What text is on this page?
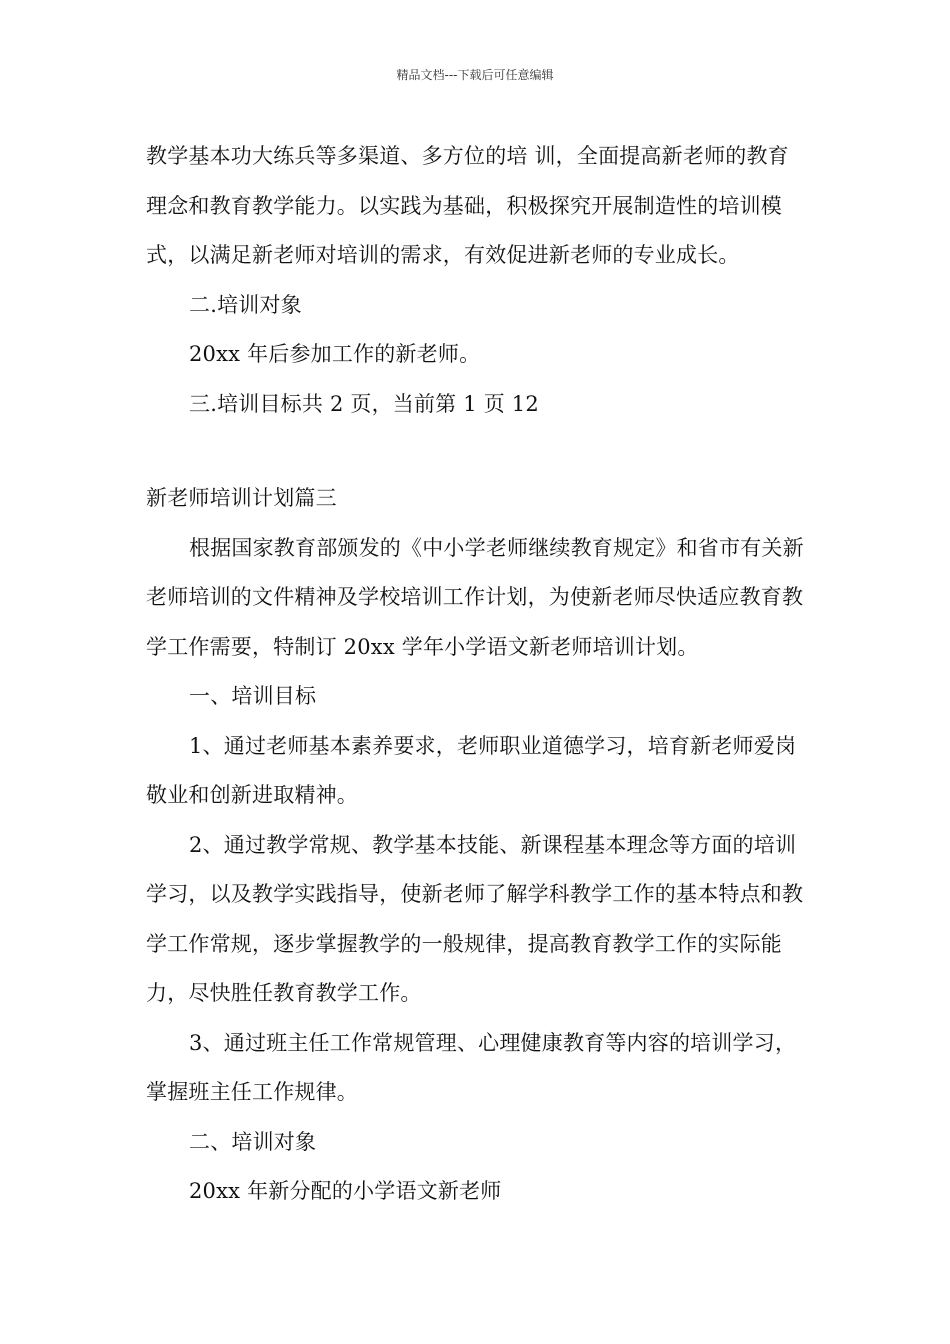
精品文档---下载后可任意编辑

教学基本功大练兵等多渠道、多方位的培 训，全面提高新老师的教育理念和教育教学能力。以实践为基础，积极探究开展制造性的培训模式，以满足新老师对培训的需求，有效促进新老师的专业成长。

二.培训对象

20xx 年后参加工作的新老师。

三.培训目标共 2 页，当前第 1 页 12

新老师培训计划篇三

根据国家教育部颁发的《中小学老师继续教育规定》和省市有关新老师培训的文件精神及学校培训工作计划，为使新老师尽快适应教育教学工作需要，特制订 20xx 学年小学语文新老师培训计划。

一、培训目标

1、通过老师基本素养要求，老师职业道德学习，培育新老师爱岗敬业和创新进取精神。

2、通过教学常规、教学基本技能、新课程基本理念等方面的培训学习，以及教学实践指导，使新老师了解学科教学工作的基本特点和教学工作常规，逐步掌握教学的一般规律，提高教育教学工作的实际能力，尽快胜任教育教学工作。

3、通过班主任工作常规管理、心理健康教育等内容的培训学习，掌握班主任工作规律。

二、培训对象

20xx 年新分配的小学语文新老师
